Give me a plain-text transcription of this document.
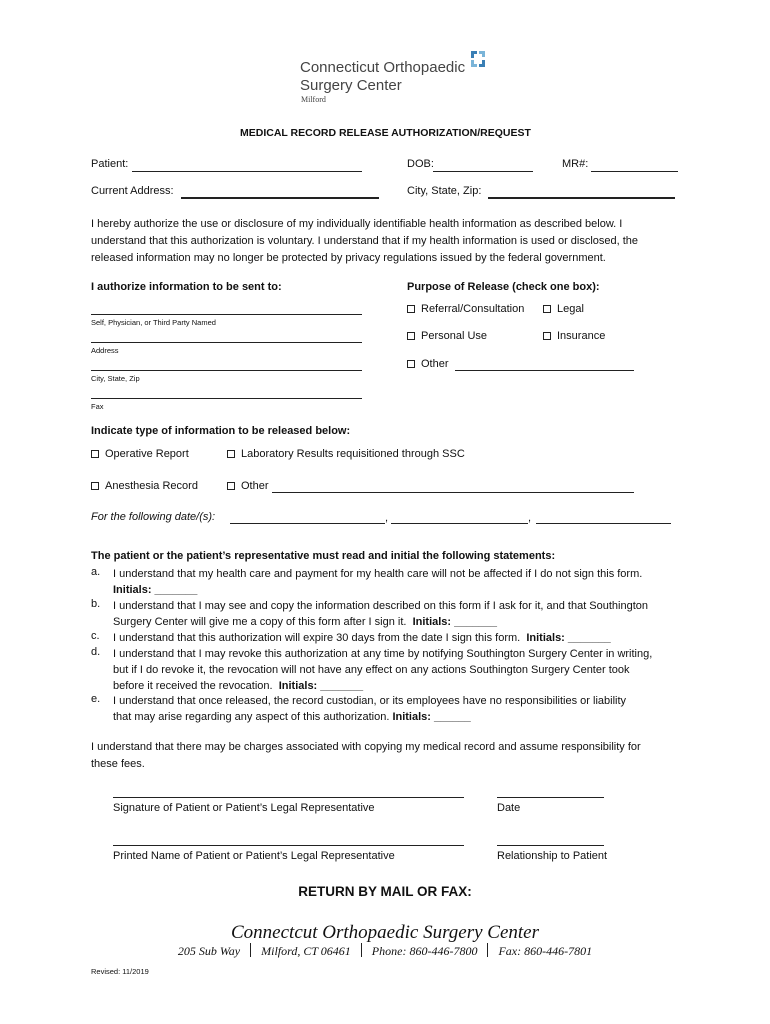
Connecticut Orthopaedic
Surgery Center
Milford
MEDICAL RECORD RELEASE AUTHORIZATION/REQUEST
Patient:	DOB:	MR#:
Current Address:	City, State, Zip:
I hereby authorize the use or disclosure of my individually identifiable health information as described below. I
understand that this authorization is voluntary. I understand that if my health information is used or disclosed, the
released information may no longer be protected by privacy regulations issued by the federal government.
I authorize information to be sent to:
Self, Physician, or Third Party Named
Address
City, State, Zip
Fax
Purpose of Release (check one box):
Referral/Consultation	Legal
Personal Use	Insurance
Other
Indicate type of information to be released below:
Operative Report	Laboratory Results requisitioned through SSC
Anesthesia Record	Other
For the following date/(s):	,	,
The patient or the patient’s representative must read and initial the following statements:
a. I understand that my health care and payment for my health care will not be affected if I do not sign this form.
Initials: _______
b. I understand that I may see and copy the information described on this form if I ask for it, and that Southington
Surgery Center will give me a copy of this form after I sign it. Initials: _______
c. I understand that this authorization will expire 30 days from the date I sign this form. Initials: _______
d. I understand that I may revoke this authorization at any time by notifying Southington Surgery Center in writing,
but if I do revoke it, the revocation will not have any effect on any actions Southington Surgery Center took
before it received the revocation. Initials: _______
e. I understand that once released, the record custodian, or its employees have no responsibilities or liability
that may arise regarding any aspect of this authorization. Initials: ______
I understand that there may be charges associated with copying my medical record and assume responsibility for
these fees.
Signature of Patient or Patient’s Legal Representative	Date
Printed Name of Patient or Patient’s Legal Representative	Relationship to Patient
RETURN BY MAIL OR FAX:
Connectcut Orthopaedic Surgery Center
205 Sub Way Milford, CT 06461 Phone: 860-446-7800 Fax: 860-446-7801
Revised: 11/2019
